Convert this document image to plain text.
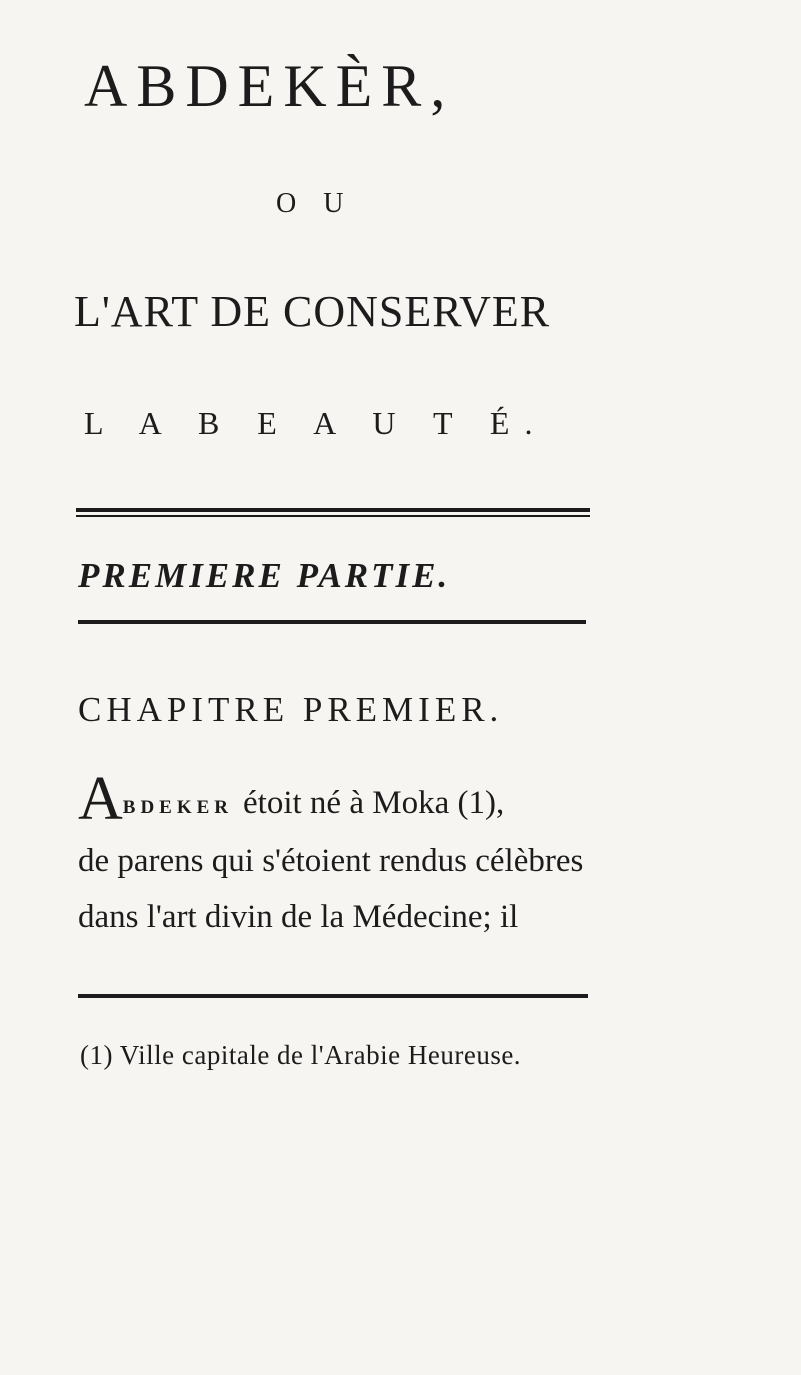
ABDEKÈR,
O U
L'ART DE CONSERVER
L A B E A U T É.
PREMIERE PARTIE.
CHAPITRE PREMIER.
ABDEKER étoit né à Moka (1),
de parens qui s'étoient rendus célèbres
dans l'art divin de la Médecine; il
(1) Ville capitale de l'Arabie Heureuse.
